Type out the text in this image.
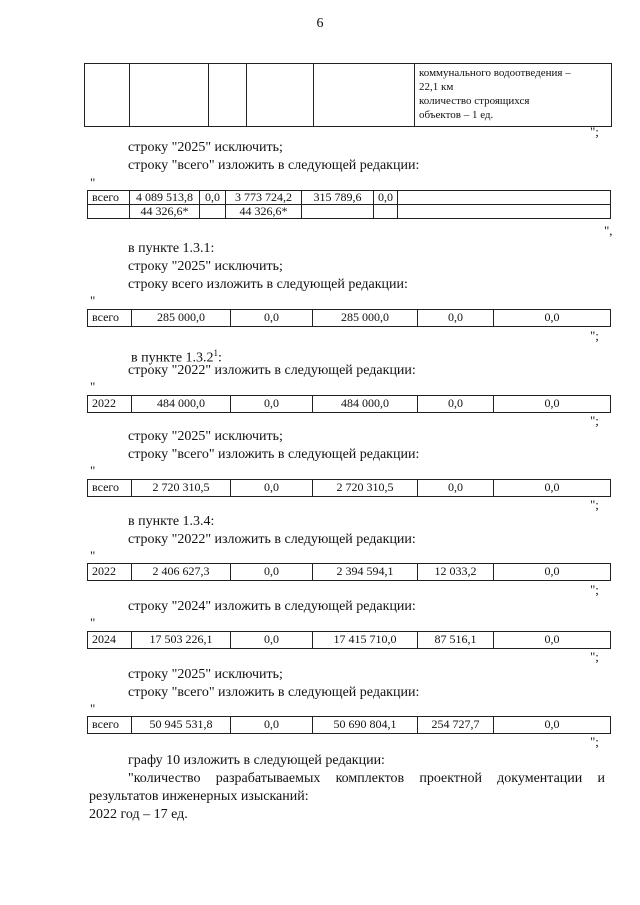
6

коммунального водоотведения –
22,1 км
количество строящихся
объектов – 1 ед.
";
строку "2025" исключить;
строку "всего" изложить в следующей редакции:
"
всего	4 089 513,8	0,0	3 773 724,2	315 789,6	0,0	
	44 326,6*		44 326,6*			
",
в пункте 1.3.1:
строку "2025" исключить;
строку всего изложить в следующей редакции:
"
всего	285 000,0	0,0	285 000,0	0,0	0,0
";
в пункте 1.3.2$^1$:
строку "2022" изложить в следующей редакции:
"
2022	484 000,0	0,0	484 000,0	0,0	0,0
";
строку "2025" исключить;
строку "всего" изложить в следующей редакции:
"
всего	2 720 310,5	0,0	2 720 310,5	0,0	0,0
";
в пункте 1.3.4:
строку "2022" изложить в следующей редакции:
"
2022	2 406 627,3	0,0	2 394 594,1	12 033,2	0,0
";
строку "2024" изложить в следующей редакции:
"
2024	17 503 226,1	0,0	17 415 710,0	87 516,1	0,0
";
строку "2025" исключить;
строку "всего" изложить в следующей редакции:
"
всего	50 945 531,8	0,0	50 690 804,1	254 727,7	0,0
";
графу 10 изложить в следующей редакции:
"количество разрабатываемых комплектов проектной документации и результатов инженерных изысканий:
2022 год – 17 ед.
